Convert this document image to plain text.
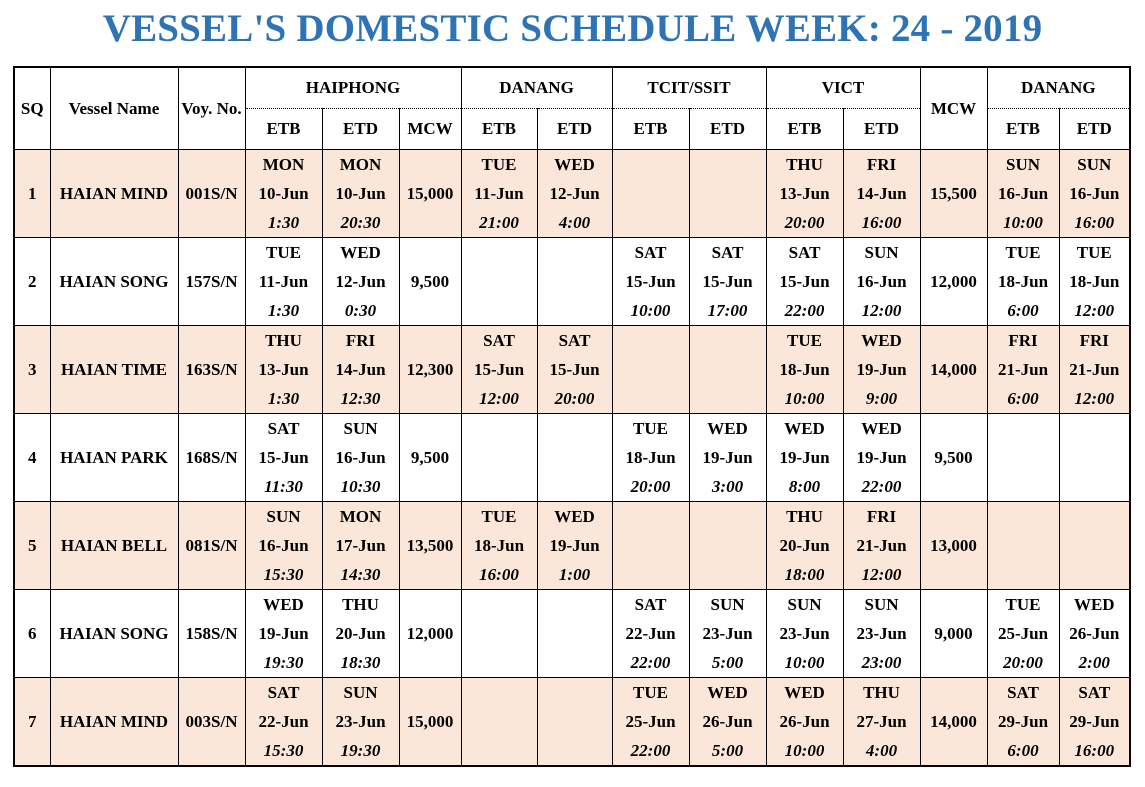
VESSEL'S DOMESTIC SCHEDULE WEEK: 24 - 2019
SQ	Vessel Name	Voy. No.	HAIPHONG			DANANG		TCIT/SSIT		VICT		MCW	DANANG	
			ETB	ETD	MCW	ETB	ETD	ETB	ETD	ETB	ETD		ETB	ETD
1	HAIAN MIND	001S/N	MON
10-Jun
1:30	MON
10-Jun
20:30	15,000	TUE
11-Jun
21:00	WED
12-Jun
4:00			THU
13-Jun
20:00	FRI
14-Jun
16:00	15,500	SUN
16-Jun
10:00	SUN
16-Jun
16:00

2	HAIAN SONG	157S/N	TUE
11-Jun
1:30	WED
12-Jun
0:30	9,500			SAT
15-Jun
10:00	SAT
15-Jun
17:00	SAT
15-Jun
22:00	SUN
16-Jun
12:00	12,000	TUE
18-Jun
6:00	TUE
18-Jun
12:00

3	HAIAN TIME	163S/N	THU
13-Jun
1:30	FRI
14-Jun
12:30	12,300	SAT
15-Jun
12:00	SAT
15-Jun
20:00			TUE
18-Jun
10:00	WED
19-Jun
9:00	14,000	FRI
21-Jun
6:00	FRI
21-Jun
12:00

4	HAIAN PARK	168S/N	SAT
15-Jun
11:30	SUN
16-Jun
10:30	9,500			TUE
18-Jun
20:00	WED
19-Jun
3:00	WED
19-Jun
8:00	WED
19-Jun
22:00	9,500	

5	HAIAN BELL	081S/N	SUN
16-Jun
15:30	MON
17-Jun
14:30	13,500	TUE
18-Jun
16:00	WED
19-Jun
1:00			THU
20-Jun
18:00	FRI
21-Jun
12:00	13,000	

6	HAIAN SONG	158S/N	WED
19-Jun
19:30	THU
20-Jun
18:30	12,000			SAT
22-Jun
22:00	SUN
23-Jun
5:00	SUN
23-Jun
10:00	SUN
23-Jun
23:00	9,000	TUE
25-Jun
20:00	WED
26-Jun
2:00

7	HAIAN MIND	003S/N	SAT
22-Jun
15:30	SUN
23-Jun
19:30	15,000			TUE
25-Jun
22:00	WED
26-Jun
5:00	WED
26-Jun
10:00	THU
27-Jun
4:00	14,000	SAT
29-Jun
6:00	SAT
29-Jun
16:00
